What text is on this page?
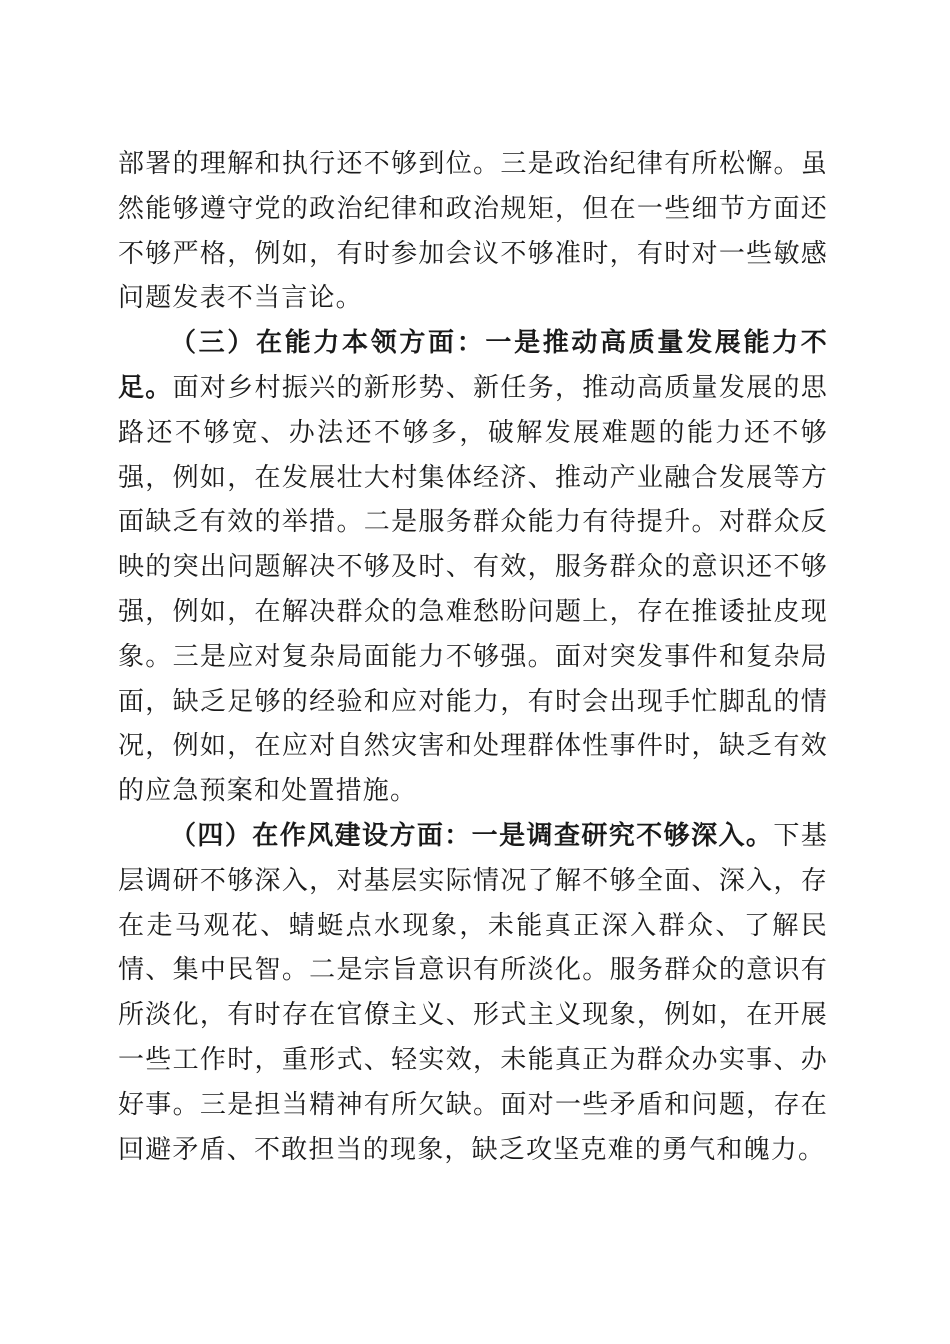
部署的理解和执行还不够到位。三是政治纪律有所松懈。虽然能够遵守党的政治纪律和政治规矩，但在一些细节方面还不够严格，例如，有时参加会议不够准时，有时对一些敏感问题发表不当言论。

（三）在能力本领方面：一是推动高质量发展能力不足。面对乡村振兴的新形势、新任务，推动高质量发展的思路还不够宽、办法还不够多，破解发展难题的能力还不够强，例如，在发展壮大村集体经济、推动产业融合发展等方面缺乏有效的举措。二是服务群众能力有待提升。对群众反映的突出问题解决不够及时、有效，服务群众的意识还不够强，例如，在解决群众的急难愁盼问题上，存在推诿扯皮现象。三是应对复杂局面能力不够强。面对突发事件和复杂局面，缺乏足够的经验和应对能力，有时会出现手忙脚乱的情况，例如，在应对自然灾害和处理群体性事件时，缺乏有效的应急预案和处置措施。

（四）在作风建设方面：一是调查研究不够深入。下基层调研不够深入，对基层实际情况了解不够全面、深入，存在走马观花、蜻蜓点水现象，未能真正深入群众、了解民情、集中民智。二是宗旨意识有所淡化。服务群众的意识有所淡化，有时存在官僚主义、形式主义现象，例如，在开展一些工作时，重形式、轻实效，未能真正为群众办实事、办好事。三是担当精神有所欠缺。面对一些矛盾和问题，存在回避矛盾、不敢担当的现象，缺乏攻坚克难的勇气和魄力。
